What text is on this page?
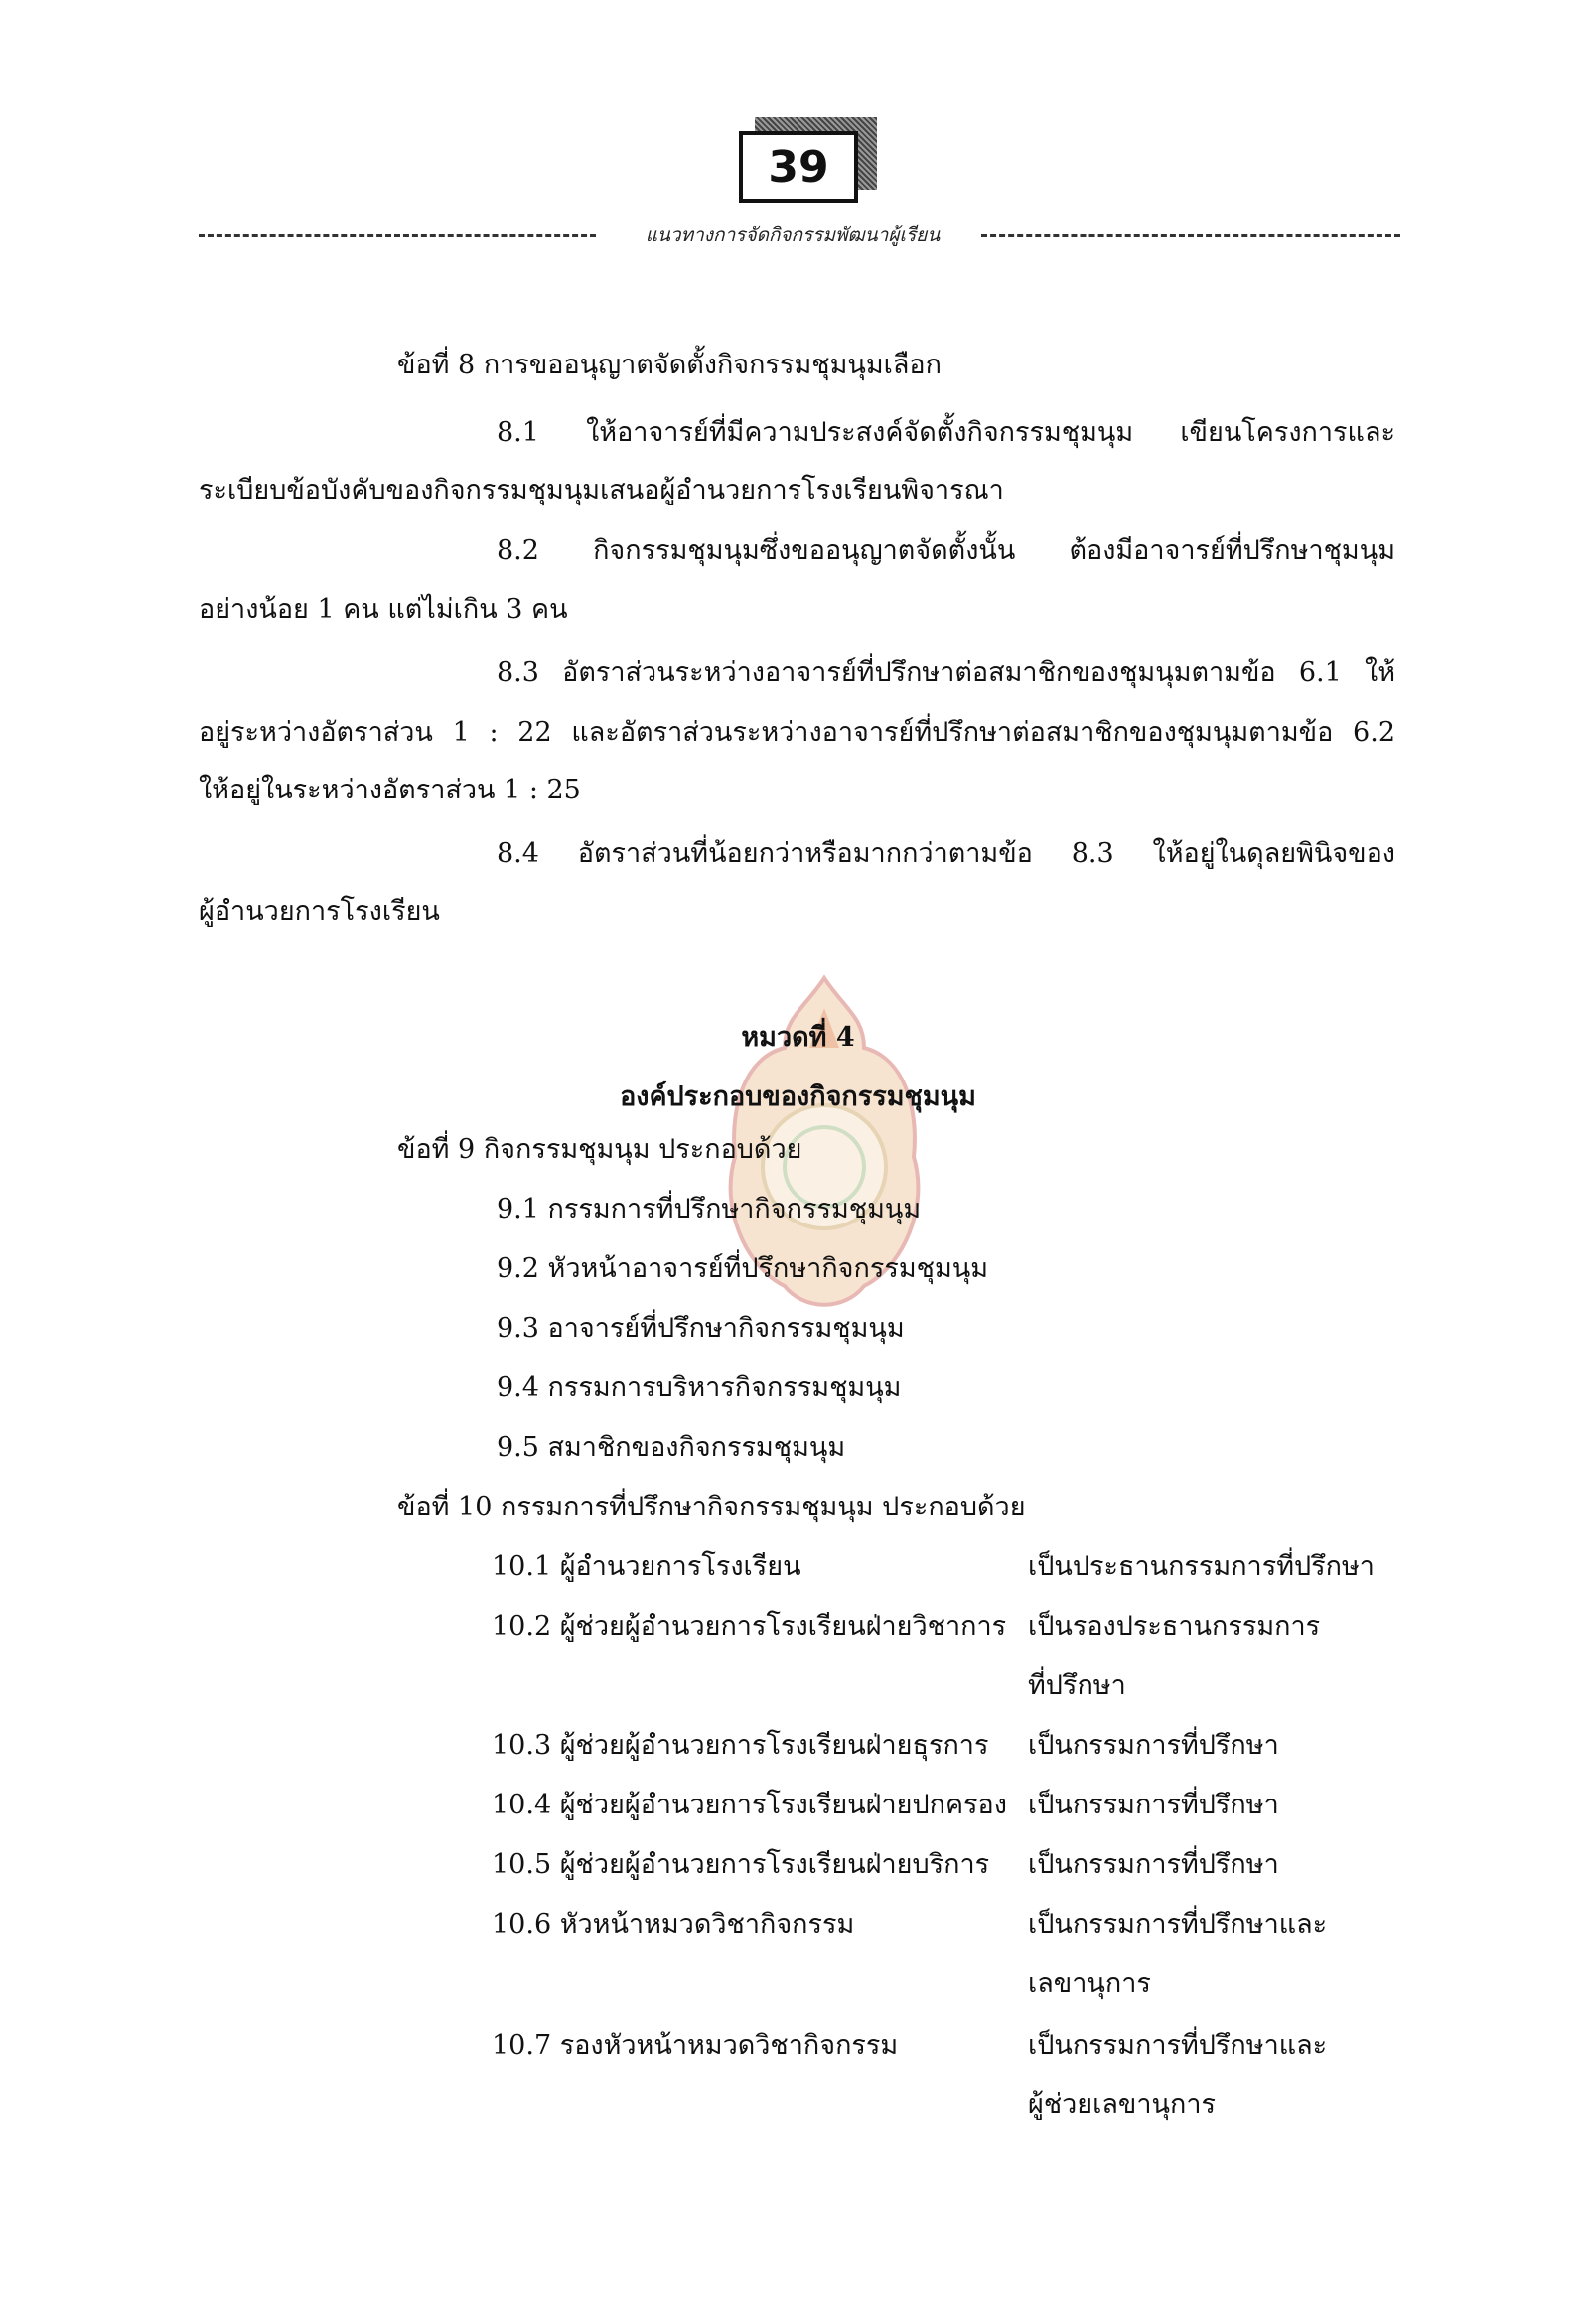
39
แนวทางการจัดกิจกรรมพัฒนาผู้เรียน
ข้อที่ 8 การขออนุญาตจัดตั้งกิจกรรมชุมนุมเลือก
8.1 ให้อาจารย์ที่มีความประสงค์จัดตั้งกิจกรรมชุมนุม เขียนโครงการและ
ระเบียบข้อบังคับของกิจกรรมชุมนุมเสนอผู้อำนวยการโรงเรียนพิจารณา
8.2 กิจกรรมชุมนุมซึ่งขออนุญาตจัดตั้งนั้น ต้องมีอาจารย์ที่ปรึกษาชุมนุม
อย่างน้อย 1 คน แต่ไม่เกิน 3 คน
8.3 อัตราส่วนระหว่างอาจารย์ที่ปรึกษาต่อสมาชิกของชุมนุมตามข้อ 6.1 ให้
อยู่ระหว่างอัตราส่วน 1 : 22 และอัตราส่วนระหว่างอาจารย์ที่ปรึกษาต่อสมาชิกของชุมนุมตามข้อ 6.2
ให้อยู่ในระหว่างอัตราส่วน 1 : 25
8.4 อัตราส่วนที่น้อยกว่าหรือมากกว่าตามข้อ 8.3 ให้อยู่ในดุลยพินิจของ
ผู้อำนวยการโรงเรียน
หมวดที่ 4
องค์ประกอบของกิจกรรมชุมนุม
ข้อที่ 9 กิจกรรมชุมนุม ประกอบด้วย
9.1 กรรมการที่ปรึกษากิจกรรมชุมนุม
9.2 หัวหน้าอาจารย์ที่ปรึกษากิจกรรมชุมนุม
9.3 อาจารย์ที่ปรึกษากิจกรรมชุมนุม
9.4 กรรมการบริหารกิจกรรมชุมนุม
9.5 สมาชิกของกิจกรรมชุมนุม
ข้อที่ 10 กรรมการที่ปรึกษากิจกรรมชุมนุม ประกอบด้วย
10.1 ผู้อำนวยการโรงเรียน	เป็นประธานกรรมการที่ปรึกษา
10.2 ผู้ช่วยผู้อำนวยการโรงเรียนฝ่ายวิชาการ เป็นรองประธานกรรมการ
ที่ปรึกษา
10.3 ผู้ช่วยผู้อำนวยการโรงเรียนฝ่ายธุรการ เป็นกรรมการที่ปรึกษา
10.4 ผู้ช่วยผู้อำนวยการโรงเรียนฝ่ายปกครอง เป็นกรรมการที่ปรึกษา
10.5 ผู้ช่วยผู้อำนวยการโรงเรียนฝ่ายบริการ เป็นกรรมการที่ปรึกษา
10.6 หัวหน้าหมวดวิชากิจกรรม	เป็นกรรมการที่ปรึกษาและ
เลขานุการ
10.7 รองหัวหน้าหมวดวิชากิจกรรม	เป็นกรรมการที่ปรึกษาและ
ผู้ช่วยเลขานุการ
